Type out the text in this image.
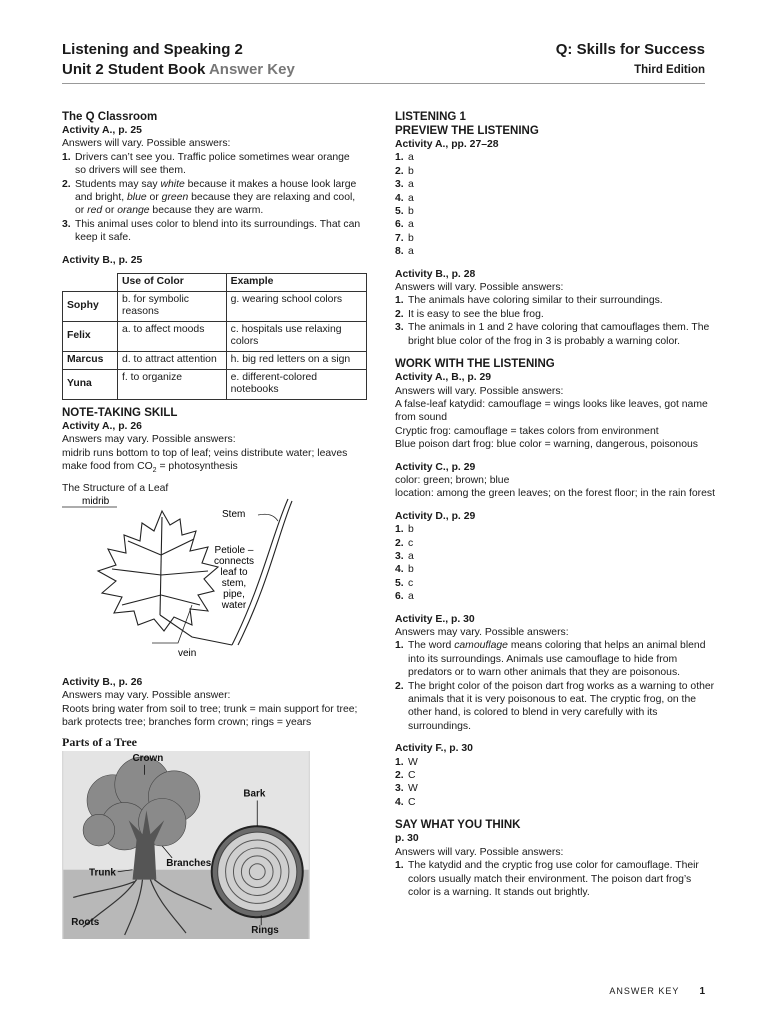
Listening and Speaking 2
Unit 2 Student Book Answer Key
Q: Skills for Success
Third Edition
The Q Classroom
Activity A., p. 25
Answers will vary. Possible answers:
1. Drivers can’t see you. Traffic police sometimes wear orange so drivers will see them.
2. Students may say white because it makes a house look large and bright, blue or green because they are relaxing and cool, or red or orange because they are warm.
3. This animal uses color to blend into its surroundings. That can keep it safe.
Activity B., p. 25
	Use of Color	Example
Sophy	b. for symbolic reasons	g. wearing school colors
Felix	a. to affect moods	c. hospitals use relaxing colors
Marcus	d. to attract attention	h. big red letters on a sign
Yuna	f. to organize	e. different-colored notebooks
NOTE-TAKING SKILL
Activity A., p. 26
Answers may vary. Possible answers:
midrib runs bottom to top of leaf; veins distribute water; leaves make food from $CO_2$ = photosynthesis
The Structure of a Leaf
midrib
Stem
Petiole –
connects
leaf to
stem,
pipe,
water
vein
Activity B., p. 26
Answers may vary. Possible answer:
Roots bring water from soil to tree; trunk = main support for tree; bark protects tree; branches form crown; rings = years
Parts of a Tree
Crown
Bark
Branches
Trunk
Roots
Rings
LISTENING 1
PREVIEW THE LISTENING
Activity A., pp. 27–28
1. a
2. b
3. a
4. a
5. b
6. a
7. b
8. a
Activity B., p. 28
Answers will vary. Possible answers:
1. The animals have coloring similar to their surroundings.
2. It is easy to see the blue frog.
3. The animals in 1 and 2 have coloring that camouflages them. The bright blue color of the frog in 3 is probably a warning color.
WORK WITH THE LISTENING
Activity A., B., p. 29
Answers will vary. Possible answers:
A false-leaf katydid: camouflage = wings looks like leaves, got name from sound
Cryptic frog: camouflage = takes colors from environment
Blue poison dart frog: blue color = warning, dangerous, poisonous
Activity C., p. 29
color: green; brown; blue
location: among the green leaves; on the forest floor; in the rain forest
Activity D., p. 29
1. b
2. c
3. a
4. b
5. c
6. a
Activity E., p. 30
Answers may vary. Possible answers:
1. The word camouflage means coloring that helps an animal blend into its surroundings. Animals use camouflage to hide from predators or to warn other animals that they are poisonous.
2. The bright color of the poison dart frog works as a warning to other animals that it is very poisonous to eat. The cryptic frog, on the other hand, is colored to blend in very carefully with its surroundings.
Activity F., p. 30
1. W
2. C
3. W
4. C
SAY WHAT YOU THINK
p. 30
Answers will vary. Possible answers:
1. The katydid and the cryptic frog use color for camouflage. Their colors usually match their environment. The poison dart frog’s color is a warning. It stands out brightly.
ANSWER KEY 1
